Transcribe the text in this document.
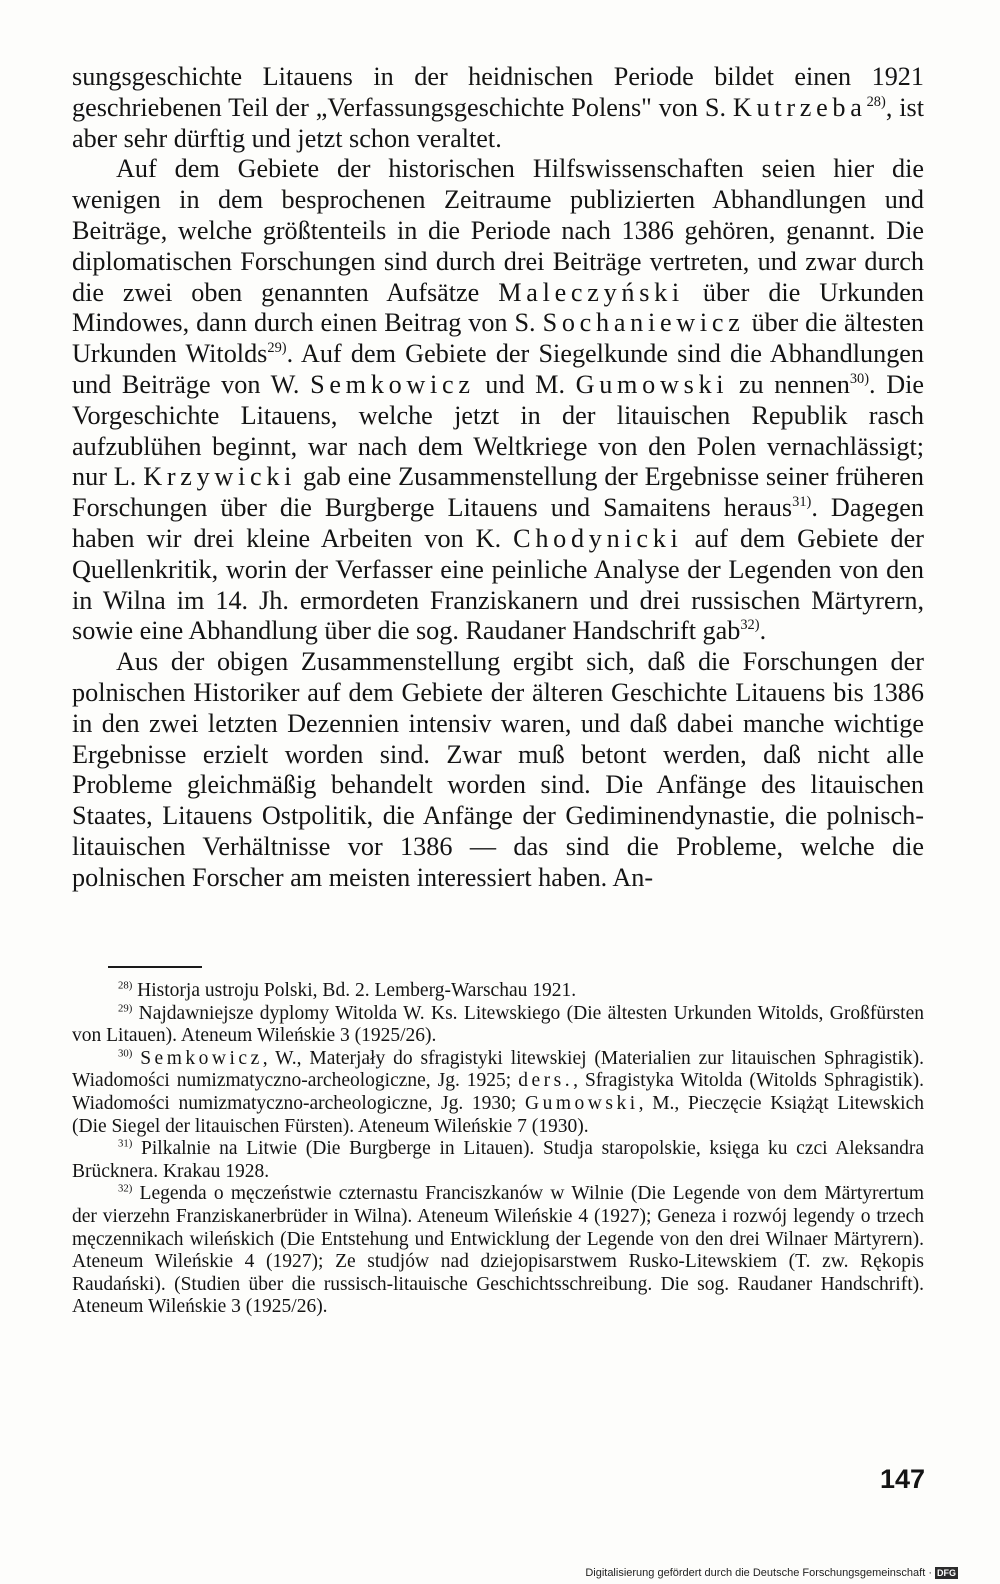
sungsgeschichte Litauens in der heidnischen Periode bildet einen 1921 geschriebenen Teil der „Verfassungsgeschichte Polens" von S. Kutrzeba$^{28)}$, ist aber sehr dürftig und jetzt schon veraltet.

Auf dem Gebiete der historischen Hilfswissenschaften seien hier die wenigen in dem besprochenen Zeitraume publizierten Abhandlungen und Beiträge, welche größtenteils in die Periode nach 1386 gehören, genannt. Die diplomatischen Forschungen sind durch drei Beiträge vertreten, und zwar durch die zwei oben genannten Aufsätze Maleczyński über die Urkunden Mindowes, dann durch einen Beitrag von S. Sochaniewicz über die ältesten Urkunden Witolds$^{29)}$. Auf dem Gebiete der Siegelkunde sind die Abhandlungen und Beiträge von W. Semkowicz und M. Gumowski zu nennen$^{30)}$. Die Vorgeschichte Litauens, welche jetzt in der litauischen Republik rasch aufzublühen beginnt, war nach dem Weltkriege von den Polen vernachlässigt; nur L. Krzywicki gab eine Zusammenstellung der Ergebnisse seiner früheren Forschungen über die Burgberge Litauens und Samaitens heraus$^{31)}$. Dagegen haben wir drei kleine Arbeiten von K. Chodynicki auf dem Gebiete der Quellenkritik, worin der Verfasser eine peinliche Analyse der Legenden von den in Wilna im 14. Jh. ermordeten Franziskanern und drei russischen Märtyrern, sowie eine Abhandlung über die sog. Raudaner Handschrift gab$^{32)}$.

Aus der obigen Zusammenstellung ergibt sich, daß die Forschungen der polnischen Historiker auf dem Gebiete der älteren Geschichte Litauens bis 1386 in den zwei letzten Dezennien intensiv waren, und daß dabei manche wichtige Ergebnisse erzielt worden sind. Zwar muß betont werden, daß nicht alle Probleme gleichmäßig behandelt worden sind. Die Anfänge des litauischen Staates, Litauens Ostpolitik, die Anfänge der Gediminendynastie, die polnisch-litauischen Verhältnisse vor 1386 — das sind die Probleme, welche die polnischen Forscher am meisten interessiert haben. An-

$^{28)}$ Historja ustroju Polski, Bd. 2. Lemberg-Warschau 1921.

$^{29)}$ Najdawniejsze dyplomy Witolda W. Ks. Litewskiego (Die ältesten Urkunden Witolds, Großfürsten von Litauen). Ateneum Wileńskie 3 (1925/26).

$^{30)}$ Semkowicz, W., Materjały do sfragistyki litewskiej (Materialien zur litauischen Sphragistik). Wiadomości numizmatyczno-archeologiczne, Jg. 1925; ders., Sfragistyka Witolda (Witolds Sphragistik). Wiadomości numizmatyczno-archeologiczne, Jg. 1930; Gumowski, M., Pieczęcie Książąt Litewskich (Die Siegel der litauischen Fürsten). Ateneum Wileńskie 7 (1930).

$^{31)}$ Pilkalnie na Litwie (Die Burgberge in Litauen). Studja staropolskie, księga ku czci Aleksandra Brücknera. Krakau 1928.

$^{32)}$ Legenda o męczeństwie czternastu Franciszkanów w Wilnie (Die Legende von dem Märtyrertum der vierzehn Franziskanerbrüder in Wilna). Ateneum Wileńskie 4 (1927); Geneza i rozwój legendy o trzech męczennikach wileńskich (Die Entstehung und Entwicklung der Legende von den drei Wilnaer Märtyrern). Ateneum Wileńskie 4 (1927); Ze studjów nad dziejopisarstwem Rusko-Litewskiem (T. zw. Rękopis Raudański). (Studien über die russisch-litauische Geschichtsschreibung. Die sog. Raudaner Handschrift). Ateneum Wileńskie 3 (1925/26).

147
Digitalisierung gefördert durch die Deutsche Forschungsgemeinschaft · DFG
